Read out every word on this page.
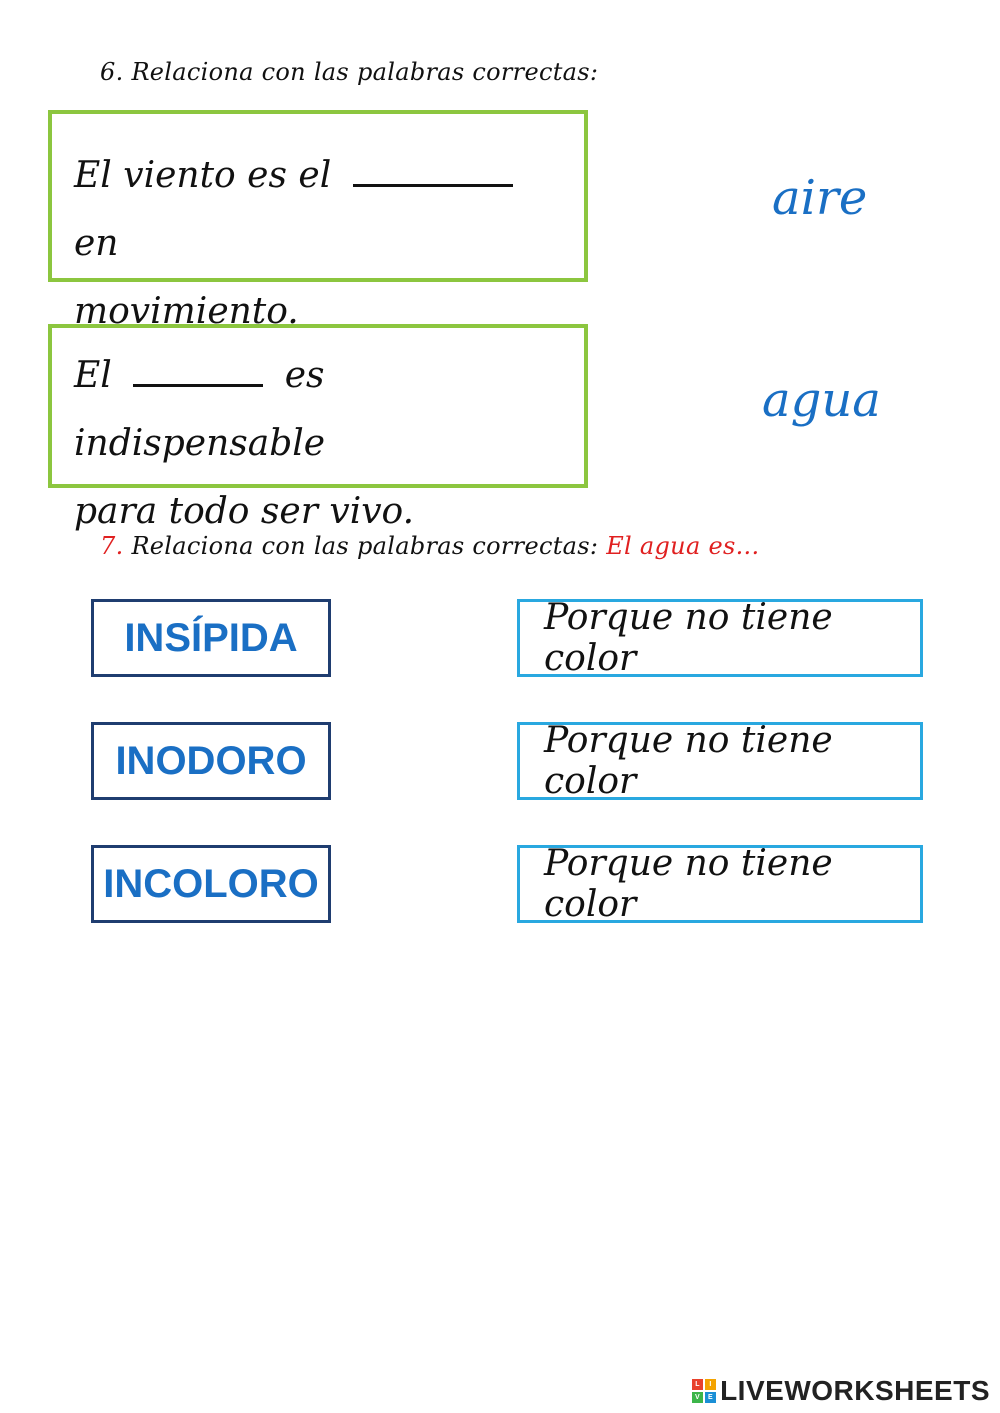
6. Relaciona con las palabras correctas:
El viento es el  en
movimiento.
aire
El	es indispensable
para todo ser vivo.
agua
7. Relaciona con las palabras correctas: El agua es...
INSÍPIDA
INODORO
INCOLORO
Porque no tiene color
Porque no tiene color
Porque no tiene color
L	I
V	E LIVEWORKSHEETS
